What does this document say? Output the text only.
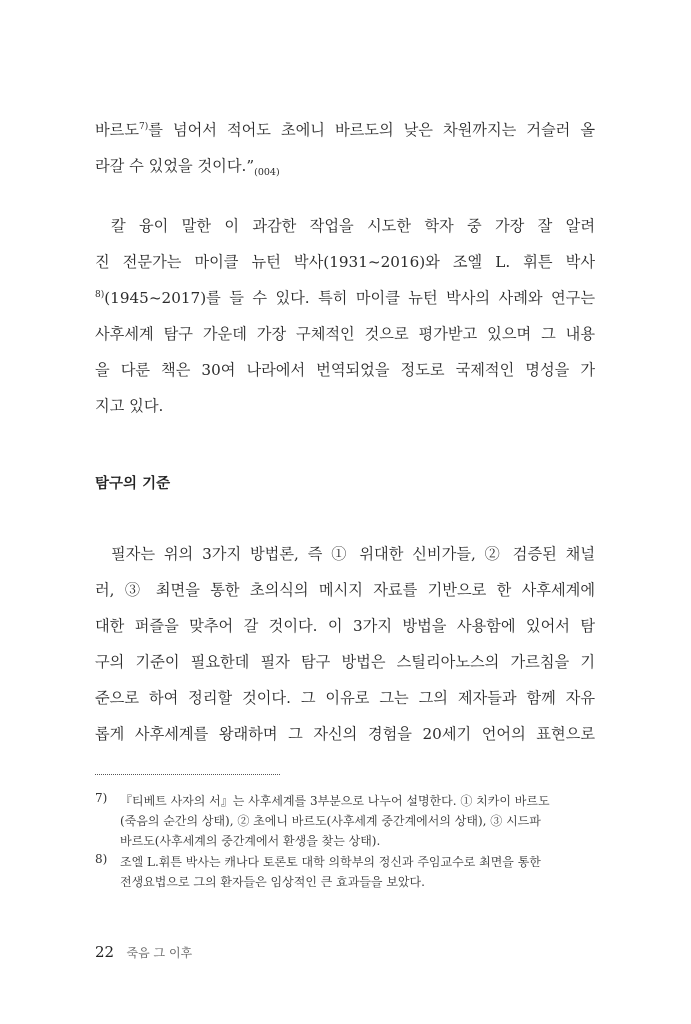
바르도$^{7)}$를 넘어서 적어도 초에니 바르도의 낮은 차원까지는 거슬러 올
라갈 수 있었을 것이다$.”_{(004)}$
칼 융이 말한 이 과감한 작업을 시도한 학자 중 가장 잘 알려
진 전문가는 마이클 뉴턴 박사(1931~2016)와 조엘 L. 휘튼 박사
$^{8)}$(1945~2017)를 들 수 있다. 특히 마이클 뉴턴 박사의 사례와 연구는
사후세계 탐구 가운데 가장 구체적인 것으로 평가받고 있으며 그 내용
을 다룬 책은 30여 나라에서 번역되었을 정도로 국제적인 명성을 가
지고 있다.
탐구의 기준
필자는 위의 3가지 방법론, 즉 ① 위대한 신비가들, ② 검증된 채널
러, ③ 최면을 통한 초의식의 메시지 자료를 기반으로 한 사후세계에
대한 퍼즐을 맞추어 갈 것이다. 이 3가지 방법을 사용함에 있어서 탐
구의 기준이 필요한데 필자 탐구 방법은 스틸리아노스의 가르침을 기
준으로 하여 정리할 것이다. 그 이유로 그는 그의 제자들과 함께 자유
롭게 사후세계를 왕래하며 그 자신의 경험을 20세기 언어의 표현으로
7) 『티베트 사자의 서』는 사후세계를 3부분으로 나누어 설명한다. ① 치카이 바르도
(죽음의 순간의 상태), ② 초에니 바르도(사후세계 중간계에서의 상태), ③ 시드파
바르도(사후세계의 중간계에서 환생을 찾는 상태).
8) 조엘 L.휘튼 박사는 캐나다 토론토 대학 의학부의 정신과 주임교수로 최면을 통한
전생요법으로 그의 환자들은 임상적인 큰 효과들을 보았다.
22 죽음 그 이후
